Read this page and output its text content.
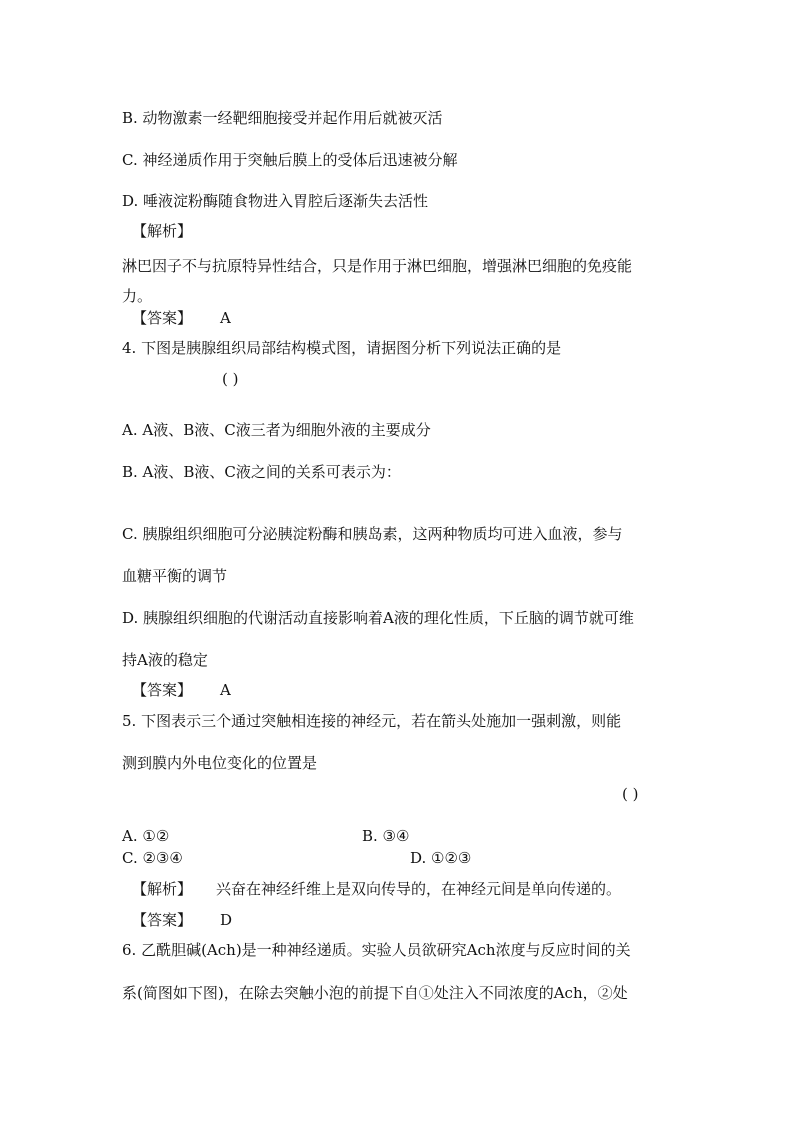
B. 动物激素一经靶细胞接受并起作用后就被灭活
C. 神经递质作用于突触后膜上的受体后迅速被分解
D. 唾液淀粉酶随食物进入胃腔后逐渐失去活性
【解析】
淋巴因子不与抗原特异性结合，只是作用于淋巴细胞，增强淋巴细胞的免疫能
力。
【答案】 A
4. 下图是胰腺组织局部结构模式图，请据图分析下列说法正确的是
( )
A. A液、B液、C液三者为细胞外液的主要成分
B. A液、B液、C液之间的关系可表示为：
C. 胰腺组织细胞可分泌胰淀粉酶和胰岛素，这两种物质均可进入血液，参与
血糖平衡的调节
D. 胰腺组织细胞的代谢活动直接影响着A液的理化性质，下丘脑的调节就可维
持A液的稳定
【答案】 A
5. 下图表示三个通过突触相连接的神经元，若在箭头处施加一强刺激，则能
测到膜内外电位变化的位置是
( )
A. ①②	B. ③④
C. ②③④	D. ①②③
【解析】 兴奋在神经纤维上是双向传导的，在神经元间是单向传递的。
【答案】 D
6. 乙酰胆碱(Ach)是一种神经递质。实验人员欲研究Ach浓度与反应时间的关
系(简图如下图)，在除去突触小泡的前提下自①处注入不同浓度的Ach，②处
